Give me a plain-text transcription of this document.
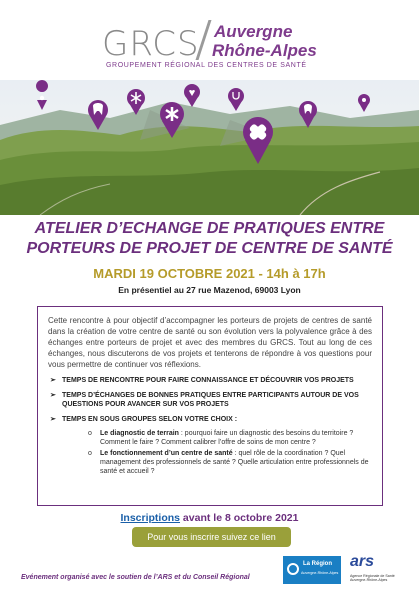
GRCS Auvergne
Rhône-Alpes
GROUPEMENT RÉGIONAL DES CENTRES DE SANTÉ
ATELIER D’ECHANGE DE PRATIQUES ENTRE
PORTEURS DE PROJET DE CENTRE DE SANTÉ
MARDI 19 OCTOBRE 2021 - 14h à 17h
En présentiel au 27 rue Mazenod, 69003 Lyon

Cette rencontre à pour objectif d’accompagner les porteurs de projets de centres de santé dans la création de votre centre de santé ou son évolution vers la polyvalence grâce à des échanges entre porteurs de projet et avec des membres du GRCS. Tout au long de ces échanges, nous discuterons de vos projets et tenterons de répondre à vos questions pour vous permettre de continuer vos réflexions.

➢ TEMPS DE RENCONTRE POUR FAIRE CONNAISSANCE ET DÉCOUVRIR VOS PROJETS
➢ TEMPS D’ÉCHANGES DE BONNES PRATIQUES ENTRE PARTICIPANTS AUTOUR DE VOS QUESTIONS POUR AVANCER SUR VOS PROJETS
➢ TEMPS EN SOUS GROUPES SELON VOTRE CHOIX :
o Le diagnostic de terrain : pourquoi faire un diagnostic des besoins du territoire ? Comment le faire ? Comment calibrer l’offre de soins de mon centre ?
o Le fonctionnement d’un centre de santé : quel rôle de la coordination ? Quel management des professionnels de santé ? Quelle articulation entre professionnels de santé et accueil ?
Inscriptions avant le 8 octobre 2021
Pour vous inscrire suivez ce lien
Evénement organisé avec le soutien de l’ARS et du Conseil Régional
La Région
Auvergne-Rhône-Alpes
ars
Agence Régionale de Santé Auvergne-Rhône-Alpes
